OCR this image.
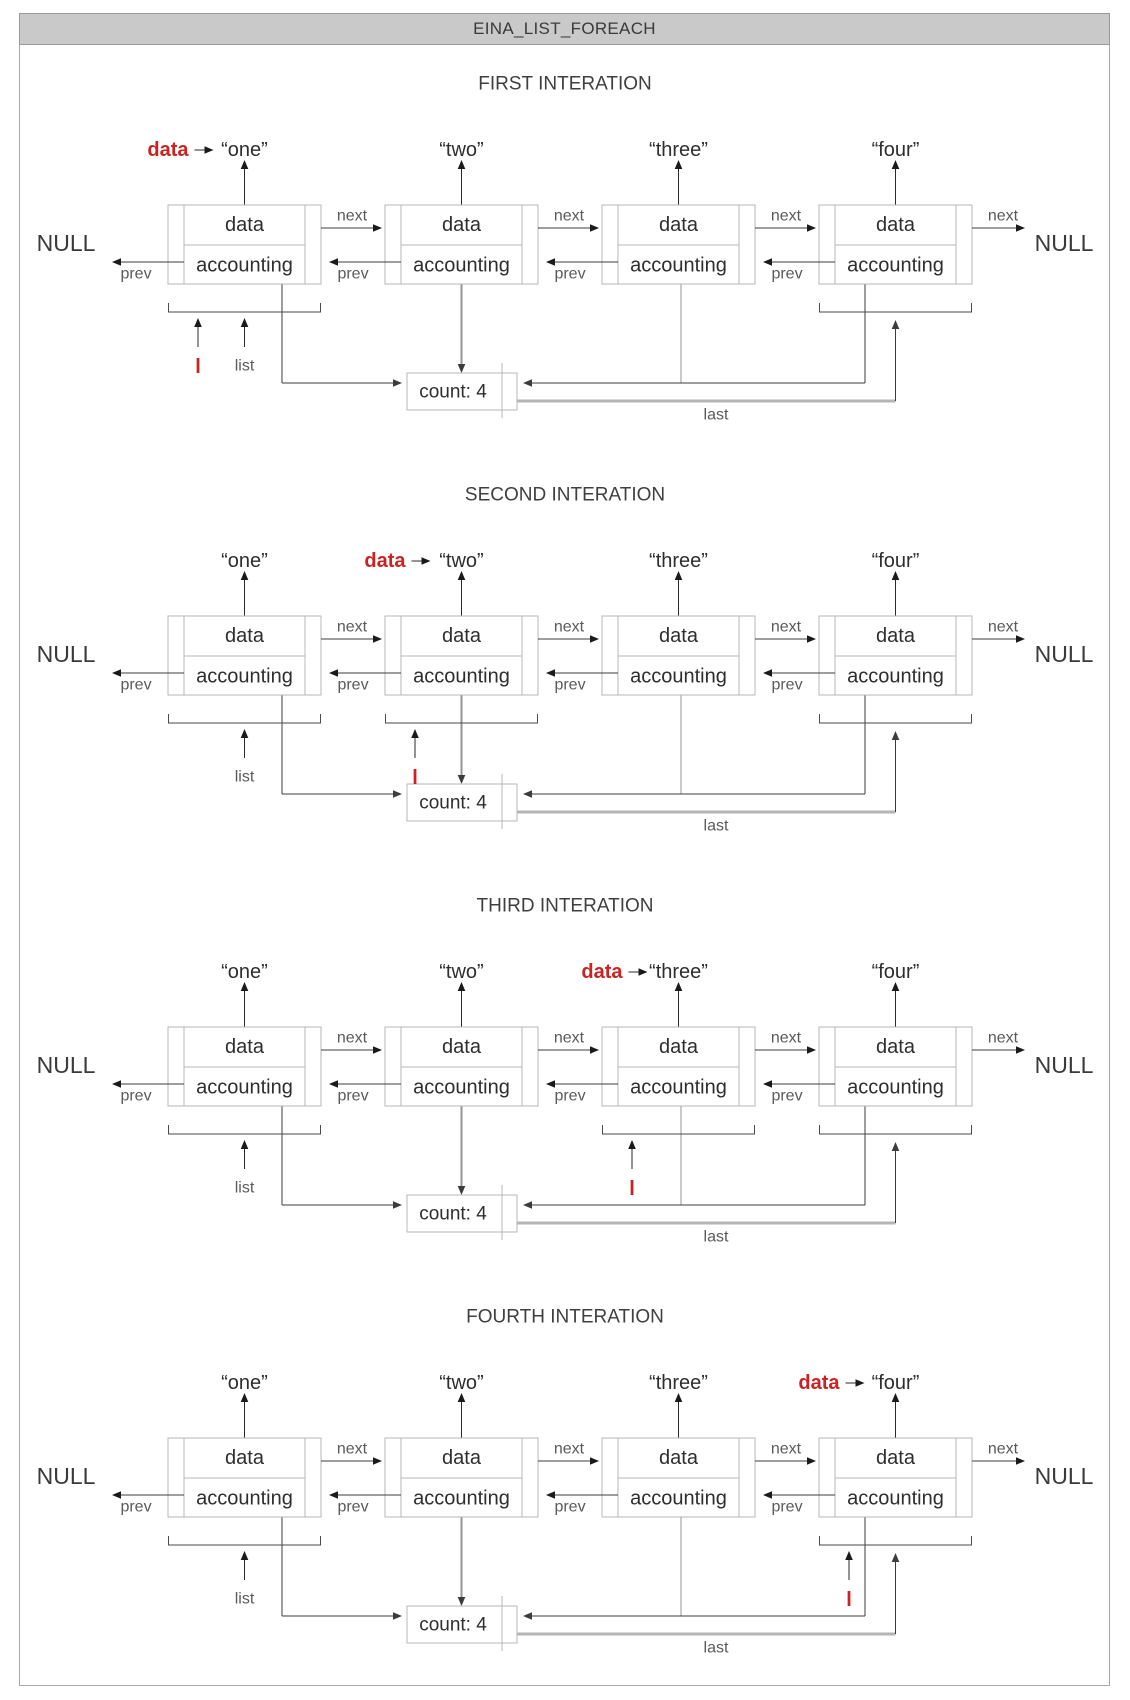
EINA_LIST_FOREACH
FIRST INTERATION
NULL	NULL
last
count: 4
“one”
data
accounting
next
prev
“two”
data
accounting
next
prev
“three”
data
accounting
next
prev
“four”
data
accounting
next
prev
list
l
data
SECOND INTERATION
NULL	NULL
last
count: 4
“one”
data
accounting
next
prev
“two”
data
accounting
next
prev
“three”
data
accounting
next
prev
“four”
data
accounting
next
prev
list	l
data
THIRD INTERATION
NULL	NULL
last
count: 4
“one”
data
accounting
next
prev
“two”
data
accounting
next
prev
“three”
data
accounting
next
prev
“four”
data
accounting
next
prev
list	l
data
FOURTH INTERATION
NULL	NULL
last
count: 4
“one”
data
accounting
next
prev
“two”
data
accounting
next
prev
“three”
data
accounting
next
prev
“four”
data
accounting
next
prev
list	l
data
